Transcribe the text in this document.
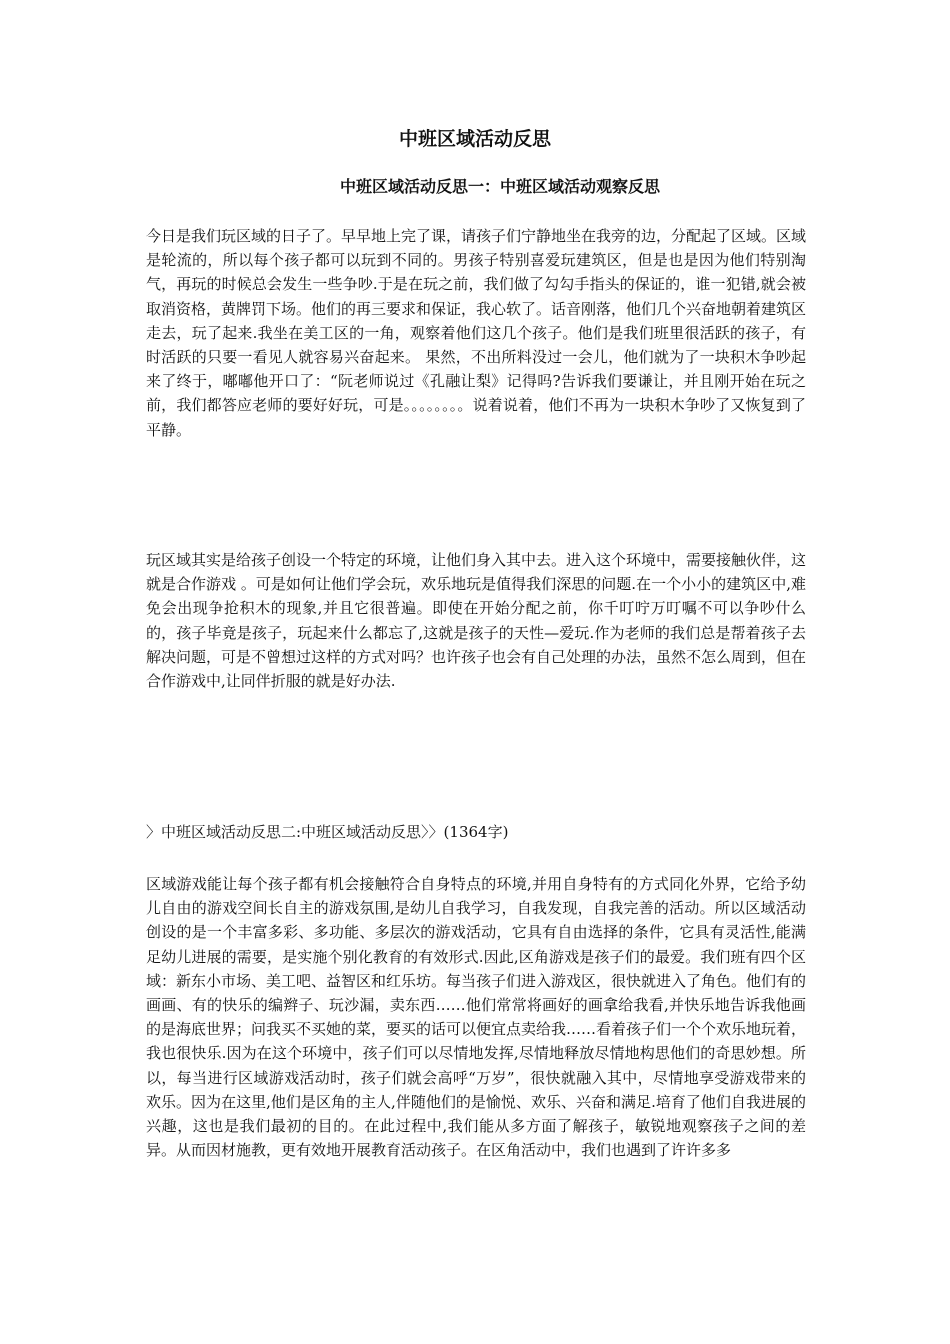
中班区域活动反思
中班区域活动反思一：中班区域活动观察反思

今日是我们玩区域的日子了。早早地上完了课，请孩子们宁静地坐在我旁的边，分配起了区域。区域是轮流的，所以每个孩子都可以玩到不同的。男孩子特别喜爱玩建筑区，但是也是因为他们特别淘气，再玩的时候总会发生一些争吵.于是在玩之前，我们做了勾勾手指头的保证的，谁一犯错,就会被取消资格，黄牌罚下场。他们的再三要求和保证，我心软了。话音刚落，他们几个兴奋地朝着建筑区走去，玩了起来.我坐在美工区的一角，观察着他们这几个孩子。他们是我们班里很活跃的孩子，有时活跃的只要一看见人就容易兴奋起来。 果然，不出所料没过一会儿，他们就为了一块积木争吵起来了终于，嘟嘟他开口了：“阮老师说过《孔融让梨》记得吗?告诉我们要谦让，并且刚开始在玩之前，我们都答应老师的要好好玩，可是。。。。。。。。说着说着，他们不再为一块积木争吵了又恢复到了平静。

玩区域其实是给孩子创设一个特定的环境，让他们身入其中去。进入这个环境中，需要接触伙伴，这就是合作游戏 。可是如何让他们学会玩，欢乐地玩是值得我们深思的问题.在一个小小的建筑区中,难免会出现争抢积木的现象,并且它很普遍。即使在开始分配之前，你千叮咛万叮嘱不可以争吵什么的，孩子毕竟是孩子，玩起来什么都忘了,这就是孩子的天性—爱玩.作为老师的我们总是帮着孩子去解决问题，可是不曾想过这样的方式对吗？也许孩子也会有自己处理的办法，虽然不怎么周到，但在合作游戏中,让同伴折服的就是好办法.

〉中班区域活动反思二:中班区域活动反思〉〉(1364字)

区域游戏能让每个孩子都有机会接触符合自身特点的环境,并用自身特有的方式同化外界，它给予幼儿自由的游戏空间长自主的游戏氛围,是幼儿自我学习，自我发现，自我完善的活动。所以区域活动创设的是一个丰富多彩、多功能、多层次的游戏活动，它具有自由选择的条件，它具有灵活性,能满足幼儿进展的需要，是实施个别化教育的有效形式.因此,区角游戏是孩子们的最爱。我们班有四个区域：新东小市场、美工吧、益智区和红乐坊。每当孩子们进入游戏区，很快就进入了角色。他们有的画画、有的快乐的编辫子、玩沙漏，卖东西……他们常常将画好的画拿给我看,并快乐地告诉我他画的是海底世界；问我买不买她的菜，要买的话可以便宜点卖给我……看着孩子们一个个欢乐地玩着，我也很快乐.因为在这个环境中，孩子们可以尽情地发挥,尽情地释放尽情地构思他们的奇思妙想。所以，每当进行区域游戏活动时，孩子们就会高呼“万岁”，很快就融入其中，尽情地享受游戏带来的欢乐。因为在这里,他们是区角的主人,伴随他们的是愉悦、欢乐、兴奋和满足.培育了他们自我进展的兴趣，这也是我们最初的目的。在此过程中,我们能从多方面了解孩子，敏锐地观察孩子之间的差异。从而因材施教，更有效地开展教育活动孩子。在区角活动中，我们也遇到了许许多多
